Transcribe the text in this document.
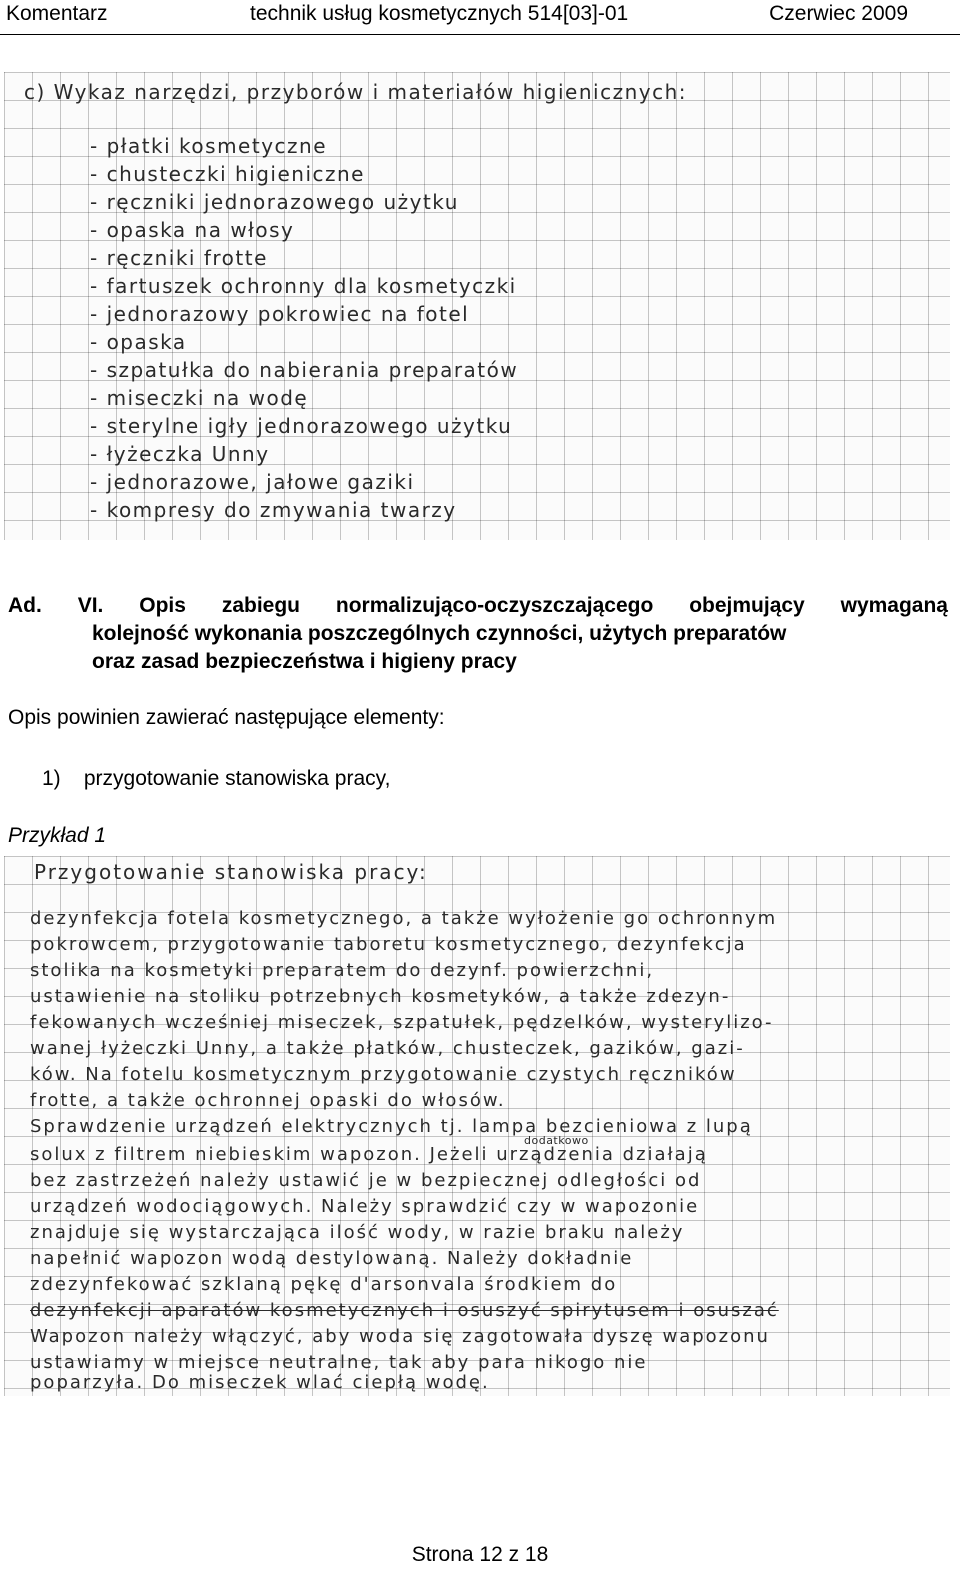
Komentarz	technik usług kosmetycznych 514[03]-01	Czerwiec 2009
c) Wykaz narzędzi, przyborów i materiałów higienicznych:
- płatki kosmetyczne
- chusteczki higieniczne
- ręczniki jednorazowego użytku
- opaska na włosy
- ręczniki frotte
- fartuszek ochronny dla kosmetyczki
- jednorazowy pokrowiec na fotel
- opaska
- szpatułka do nabierania preparatów
- miseczki na wodę
- sterylne igły jednorazowego użytku
- łyżeczka Unny
- jednorazowe, jałowe gaziki
- kompresy do zmywania twarzy
Ad. VI. Opis zabiegu normalizująco-oczyszczającego obejmujący wymaganą
kolejność wykonania poszczególnych czynności, użytych preparatów
oraz zasad bezpieczeństwa i higieny pracy
Opis powinien zawierać następujące elementy:
1) przygotowanie stanowiska pracy,
Przykład 1
Przygotowanie stanowiska pracy:
dezynfekcja fotela kosmetycznego, a także wyłożenie go ochronnym
pokrowcem, przygotowanie taboretu kosmetycznego, dezynfekcja
stolika na kosmetyki preparatem do dezynf. powierzchni,
ustawienie na stoliku potrzebnych kosmetyków, a także zdezyn-
fekowanych wcześniej miseczek, szpatułek, pędzelków, wysterylizo-
wanej łyżeczki Unny, a także płatków, chusteczek, gazików, gazi-
ków. Na fotelu kosmetycznym przygotowanie czystych ręczników
frotte, a także ochronnej opaski do włosów.
Sprawdzenie urządzeń elektrycznych tj. lampa bezcieniowa z lupą
dodatkowo
solux z filtrem niebieskim wapozon. Jeżeli urządzenia działają
bez zastrzeżeń należy ustawić je w bezpiecznej odległości od
urządzeń wodociągowych. Należy sprawdzić czy w wapozonie
znajduje się wystarczająca ilość wody, w razie braku należy
napełnić wapozon wodą destylowaną. Należy dokładnie
zdezynfekować szklaną pękę d'arsonvala środkiem do
dezynfekcji aparatów kosmetycznych i osuszyć spirytusem i osuszać
Wapozon należy włączyć, aby woda się zagotowała dyszę wapozonu
ustawiamy w miejsce neutralne, tak aby para nikogo nie
poparzyła. Do miseczek wlać ciepłą wodę.
Strona 12 z 18
